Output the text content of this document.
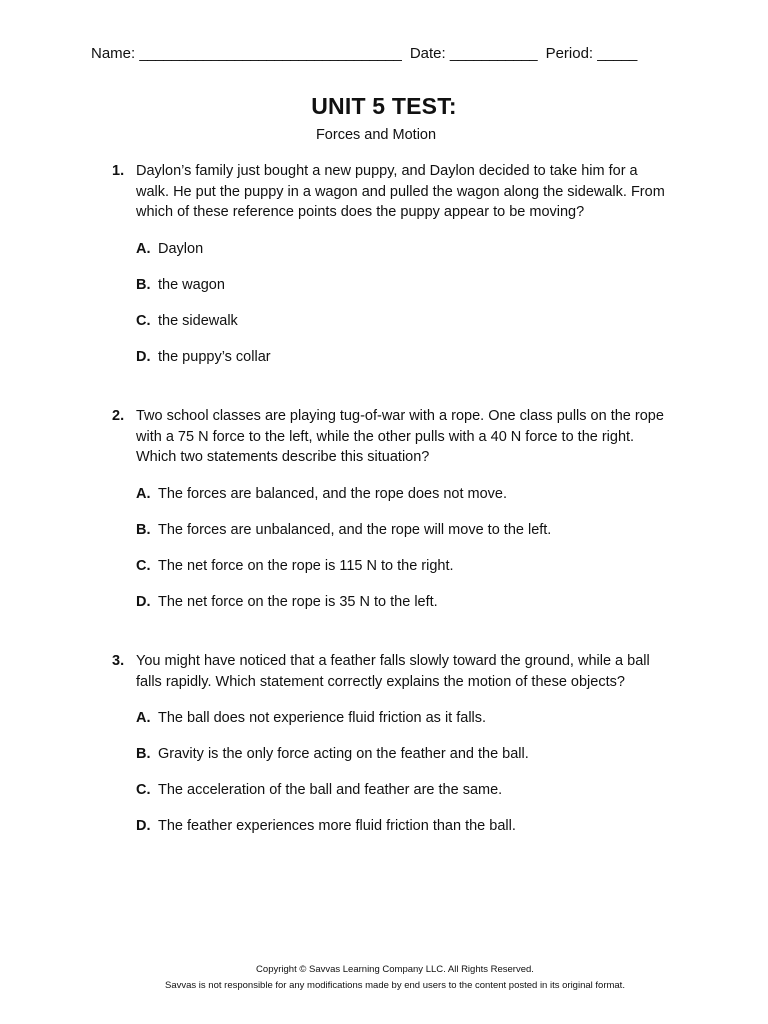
Name: _________________________________ Date: ___________ Period: _____
UNIT 5 TEST:
Forces and Motion
1. Daylon’s family just bought a new puppy, and Daylon decided to take him for a walk. He put the puppy in a wagon and pulled the wagon along the sidewalk. From which of these reference points does the puppy appear to be moving?
A. Daylon
B. the wagon
C. the sidewalk
D. the puppy’s collar
2. Two school classes are playing tug-of-war with a rope. One class pulls on the rope with a 75 N force to the left, while the other pulls with a 40 N force to the right. Which two statements describe this situation?
A. The forces are balanced, and the rope does not move.
B. The forces are unbalanced, and the rope will move to the left.
C. The net force on the rope is 115 N to the right.
D. The net force on the rope is 35 N to the left.
3. You might have noticed that a feather falls slowly toward the ground, while a ball falls rapidly. Which statement correctly explains the motion of these objects?
A. The ball does not experience fluid friction as it falls.
B. Gravity is the only force acting on the feather and the ball.
C. The acceleration of the ball and feather are the same.
D. The feather experiences more fluid friction than the ball.
Copyright © Savvas Learning Company LLC. All Rights Reserved.
Savvas is not responsible for any modifications made by end users to the content posted in its original format.
